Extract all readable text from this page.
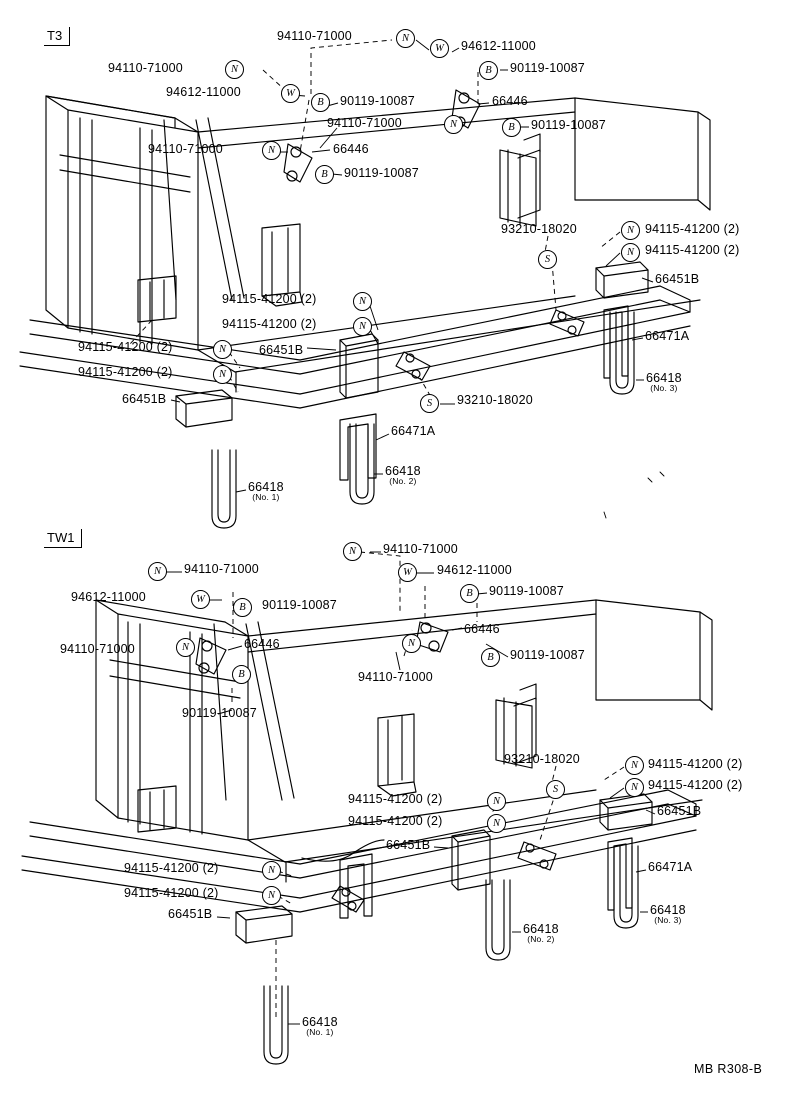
T3
TW1
N
W
B
N
W
B
N	B
N
B
N
N
S
N
N
N
N
S
N
W
N
B
W
B
N
N
B
B
N
N
S
N
N
N
N
94110-71000
94612-11000
90119-10087
94110-71000
94612-11000
90119-10087	66446
94110-71000	90119-10087
94110-71000	66446
90119-10087
93210-18020	94115-41200 (2)
94115-41200 (2)
66451B
66471A
94115-41200 (2)
94115-41200 (2)
66451B
94115-41200 (2)
94115-41200 (2)
66451B	93210-18020
66418
(No. 3)
66471A
66418
(No. 2)
66418
(No. 1)
94110-71000
94612-11000
94110-71000
90119-10087
94612-11000
90119-10087
66446
66446
94110-71000	90119-10087
94110-71000
90119-10087
93210-18020	94115-41200 (2)
94115-41200 (2)
94115-41200 (2)
66451B
94115-41200 (2)
66451B
94115-41200 (2)	66471A
94115-41200 (2)
66418
(No. 3)
66451B
66418
(No. 2)
66418
(No. 1)
MB R308-B
